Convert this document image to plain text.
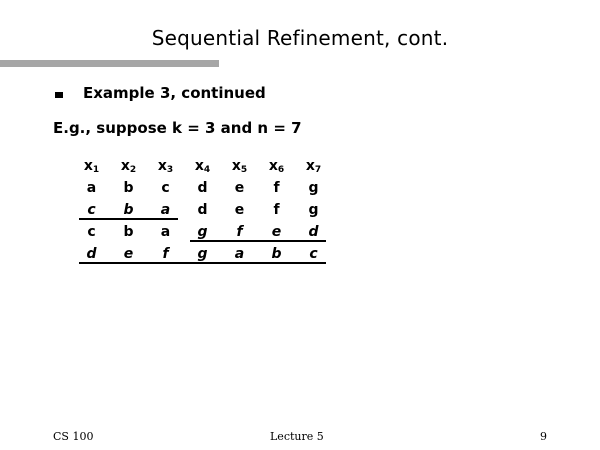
Sequential Refinement, cont.
Example 3, continued
E.g., suppose k = 3 and n = 7
$x_1$	$x_2$	$x_3$	$x_4$	$x_5$	$x_6$	$x_7$
a	b	c	d	e	f	g
c	b	a	d	e	f	g
c	b	a	g	f	e	d
d	e	f	g	a	b	c
CS 100	Lecture 5	9
